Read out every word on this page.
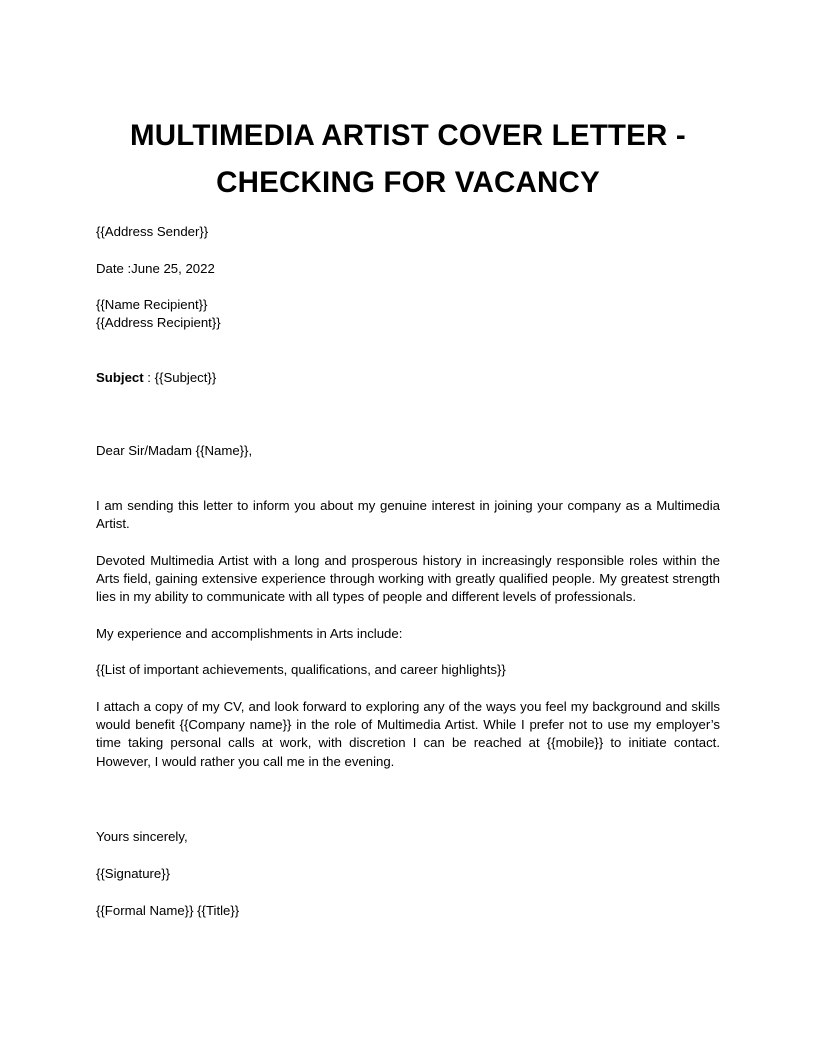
MULTIMEDIA ARTIST COVER LETTER -
CHECKING FOR VACANCY

{{Address Sender}}

Date :June 25, 2022

{{Name Recipient}}

{{Address Recipient}}

Subject : {{Subject}}

Dear Sir/Madam {{Name}},

I am sending this letter to inform you about my genuine interest in joining your company as a Multimedia Artist.

Devoted Multimedia Artist with a long and prosperous history in increasingly responsible roles within the Arts field, gaining extensive experience through working with greatly qualified people. My greatest strength lies in my ability to communicate with all types of people and different levels of professionals.

My experience and accomplishments in Arts include:

{{List of important achievements, qualifications, and career highlights}}

I attach a copy of my CV, and look forward to exploring any of the ways you feel my background and skills would benefit {{Company name}} in the role of Multimedia Artist. While I prefer not to use my employer’s time taking personal calls at work, with discretion I can be reached at {{mobile}} to initiate contact. However, I would rather you call me in the evening.

Yours sincerely,

{{Signature}}

{{Formal Name}} {{Title}}
